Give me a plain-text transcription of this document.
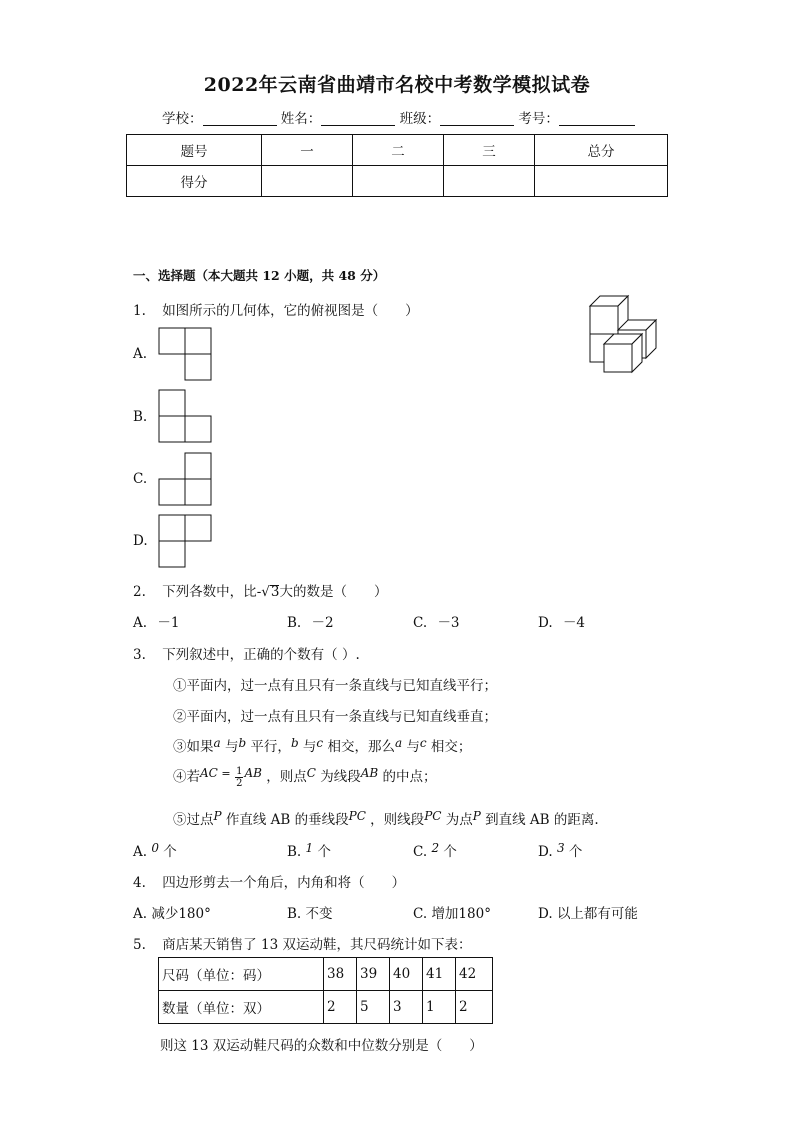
2022年云南省曲靖市名校中考数学模拟试卷
学校：	姓名：	班级：	考号：
题号	一	二	三	总分
得分				
一、选择题（本大题共 12 小题，共 48 分）
1. 如图所示的几何体，它的俯视图是（　　）
A.
B.
C.
D.
2. 下列各数中，比-√3大的数是（　　）
A. －1	B. －2	C. －3	D. －4
3. 下列叙述中，正确的个数有（ ）.
①平面内，过一点有且只有一条直线与已知直线平行；
②平面内，过一点有且只有一条直线与已知直线垂直；
③如果a 与b 平行，b 与c 相交，那么a 与c 相交；
④若AC $^= \frac{1}{2}$ AB ，则点C 为线段AB 的中点；
⑤过点P 作直线 AB 的垂线段PC ，则线段PC 为点P 到直线 AB 的距离.
A. 0 个	B. 1 个	C. 2 个	D. 3 个
4. 四边形剪去一个角后，内角和将（　　）
A. 减少180°	B. 不变	C. 增加180°	D. 以上都有可能
5. 商店某天销售了 13 双运动鞋，其尺码统计如下表：
尺码（单位：码）	38	39	40	41	42
数量（单位：双）	2	5	3	1	2
则这 13 双运动鞋尺码的众数和中位数分别是（　　）
